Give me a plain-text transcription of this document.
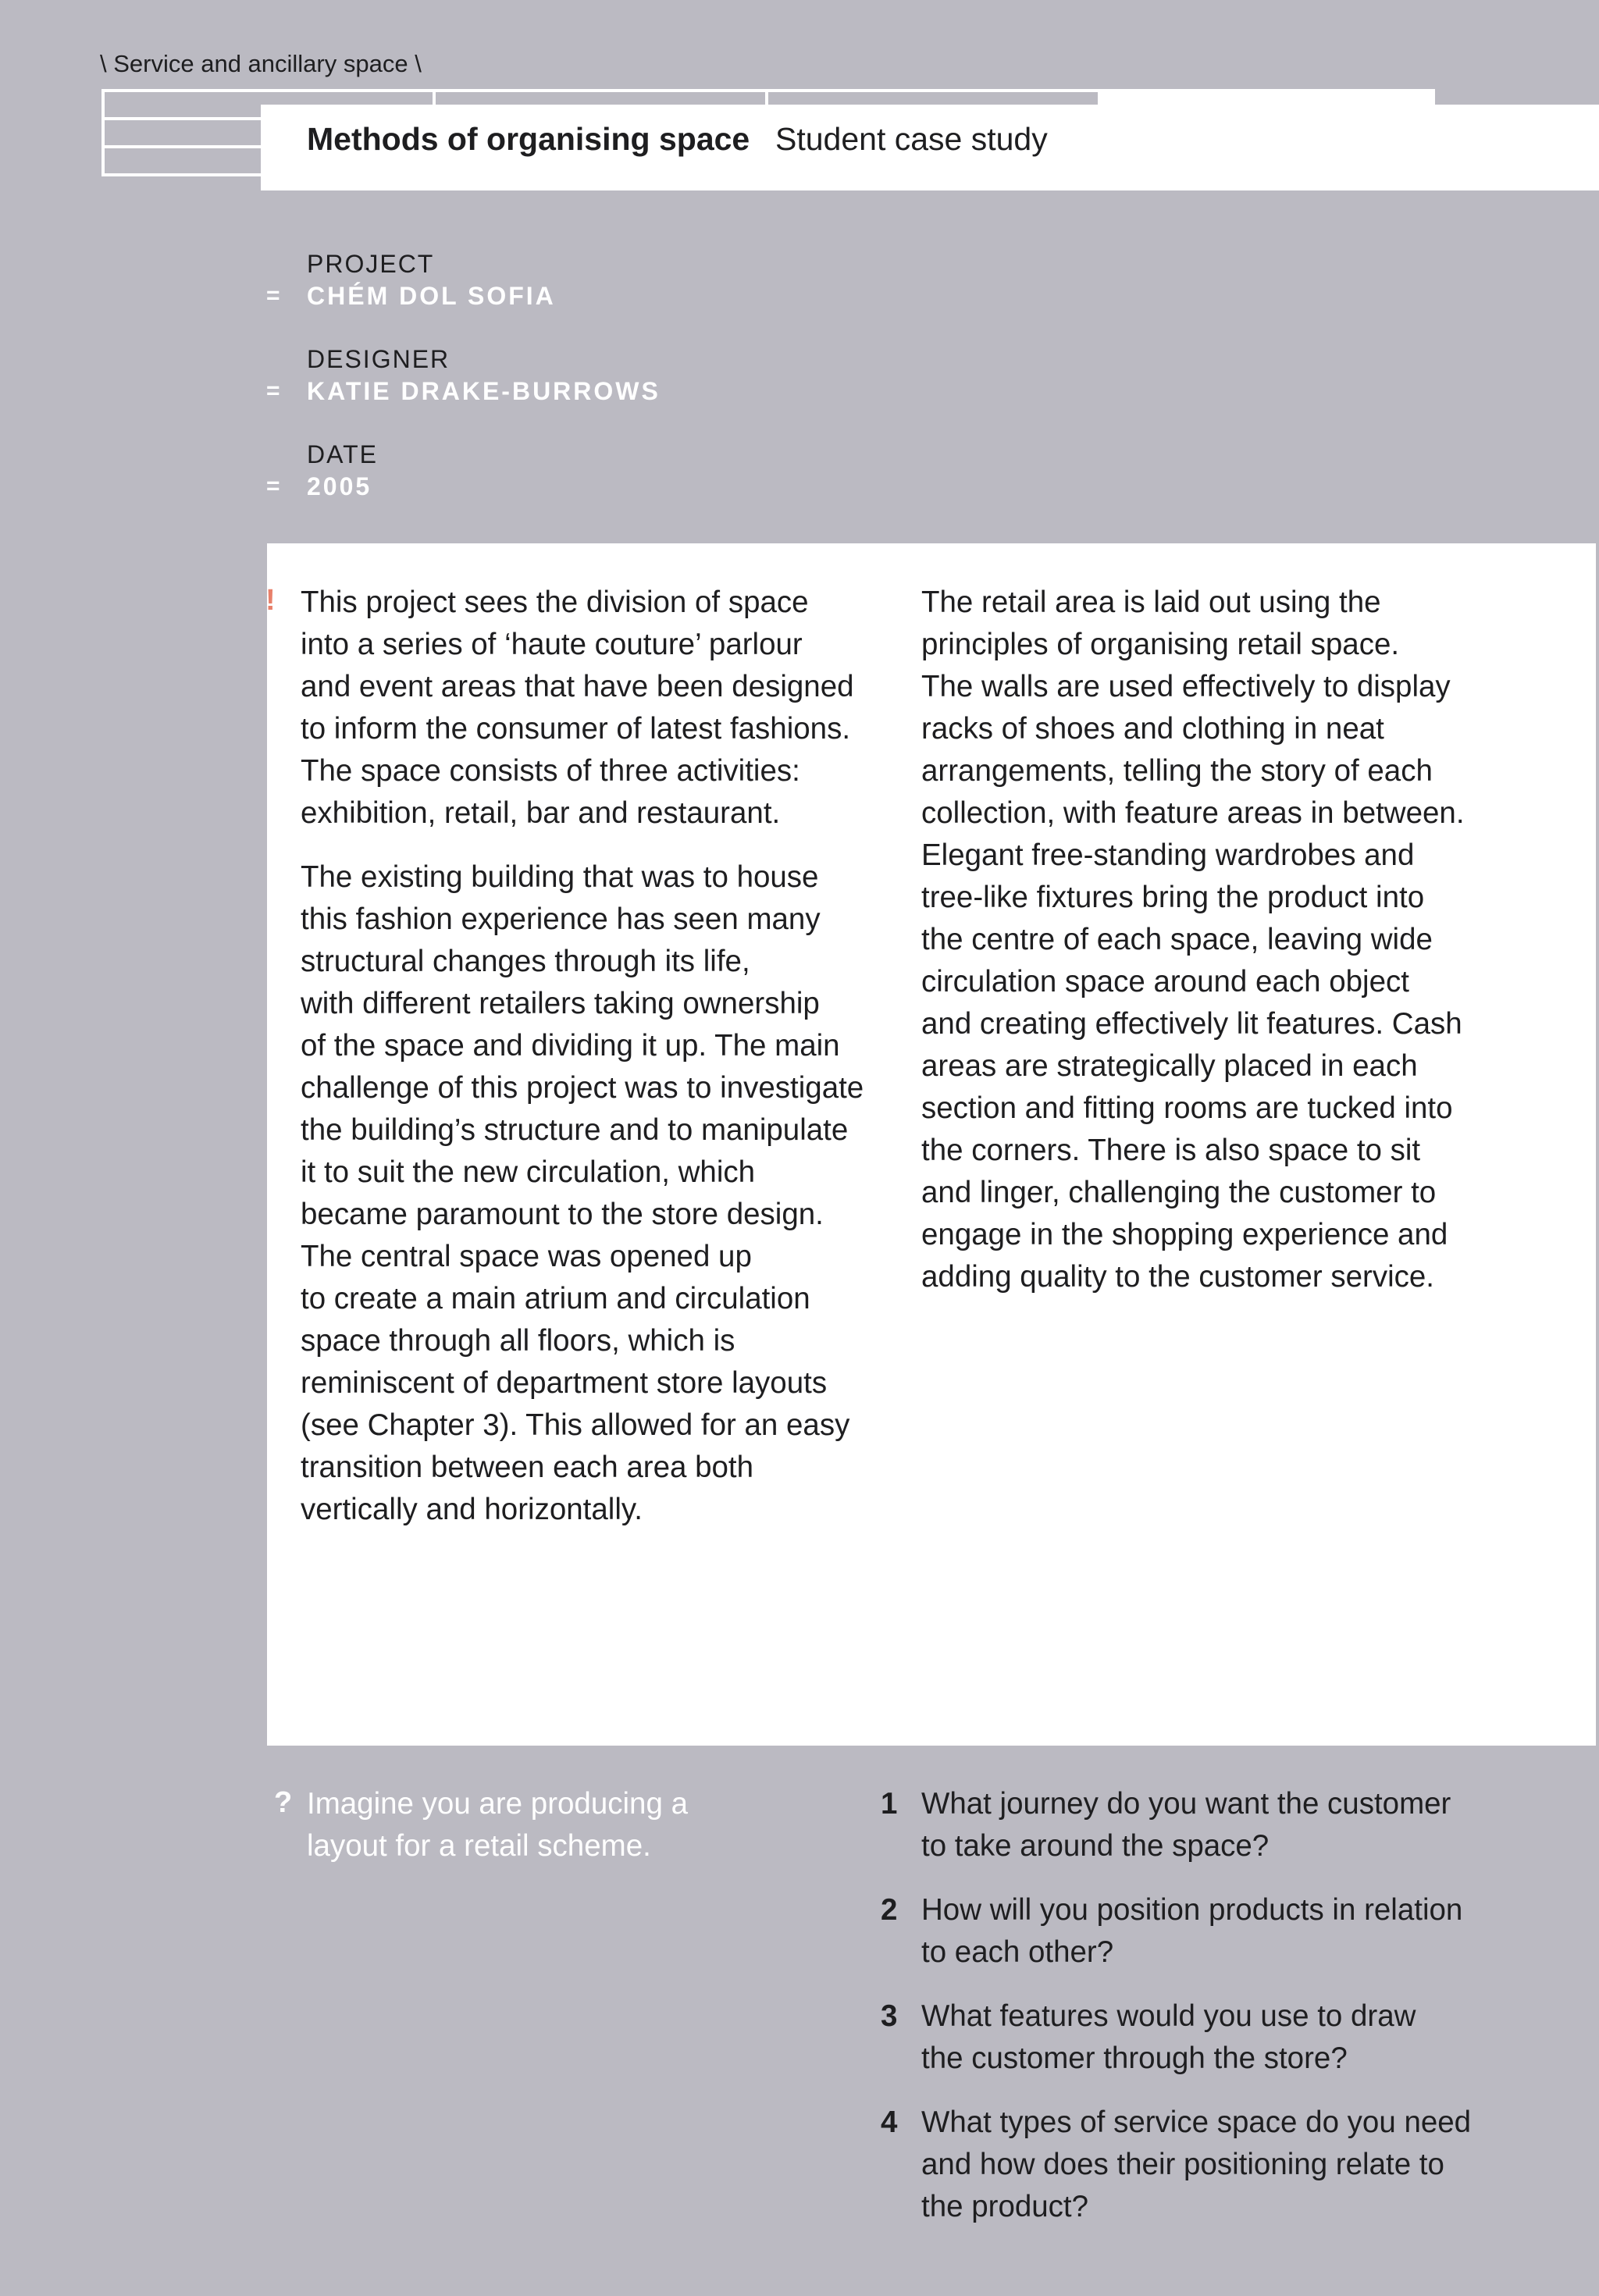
\ Service and ancillary space \
Methods of organising space Student case study
PROJECT
= CHÉM DOL SOFIA
DESIGNER
= KATIE DRAKE-BURROWS
DATE
= 2005
! This project sees the division of space
into a series of ‘haute couture’ parlour
and event areas that have been designed
to inform the consumer of latest fashions.
The space consists of three activities:
exhibition, retail, bar and restaurant.

The existing building that was to house
this fashion experience has seen many
structural changes through its life,
with different retailers taking ownership
of the space and dividing it up. The main
challenge of this project was to investigate
the building’s structure and to manipulate
it to suit the new circulation, which
became paramount to the store design.
The central space was opened up
to create a main atrium and circulation
space through all floors, which is
reminiscent of department store layouts
(see Chapter 3). This allowed for an easy
transition between each area both
vertically and horizontally.

The retail area is laid out using the
principles of organising retail space.
The walls are used effectively to display
racks of shoes and clothing in neat
arrangements, telling the story of each
collection, with feature areas in between.
Elegant free-standing wardrobes and
tree-like fixtures bring the product into
the centre of each space, leaving wide
circulation space around each object
and creating effectively lit features. Cash
areas are strategically placed in each
section and fitting rooms are tucked into
the corners. There is also space to sit
and linger, challenging the customer to
engage in the shopping experience and
adding quality to the customer service.

? Imagine you are producing a
layout for a retail scheme.
1 What journey do you want the customer
to take around the space?
2 How will you position products in relation
to each other?
3 What features would you use to draw
the customer through the store?
4 What types of service space do you need
and how does their positioning relate to
the product?
